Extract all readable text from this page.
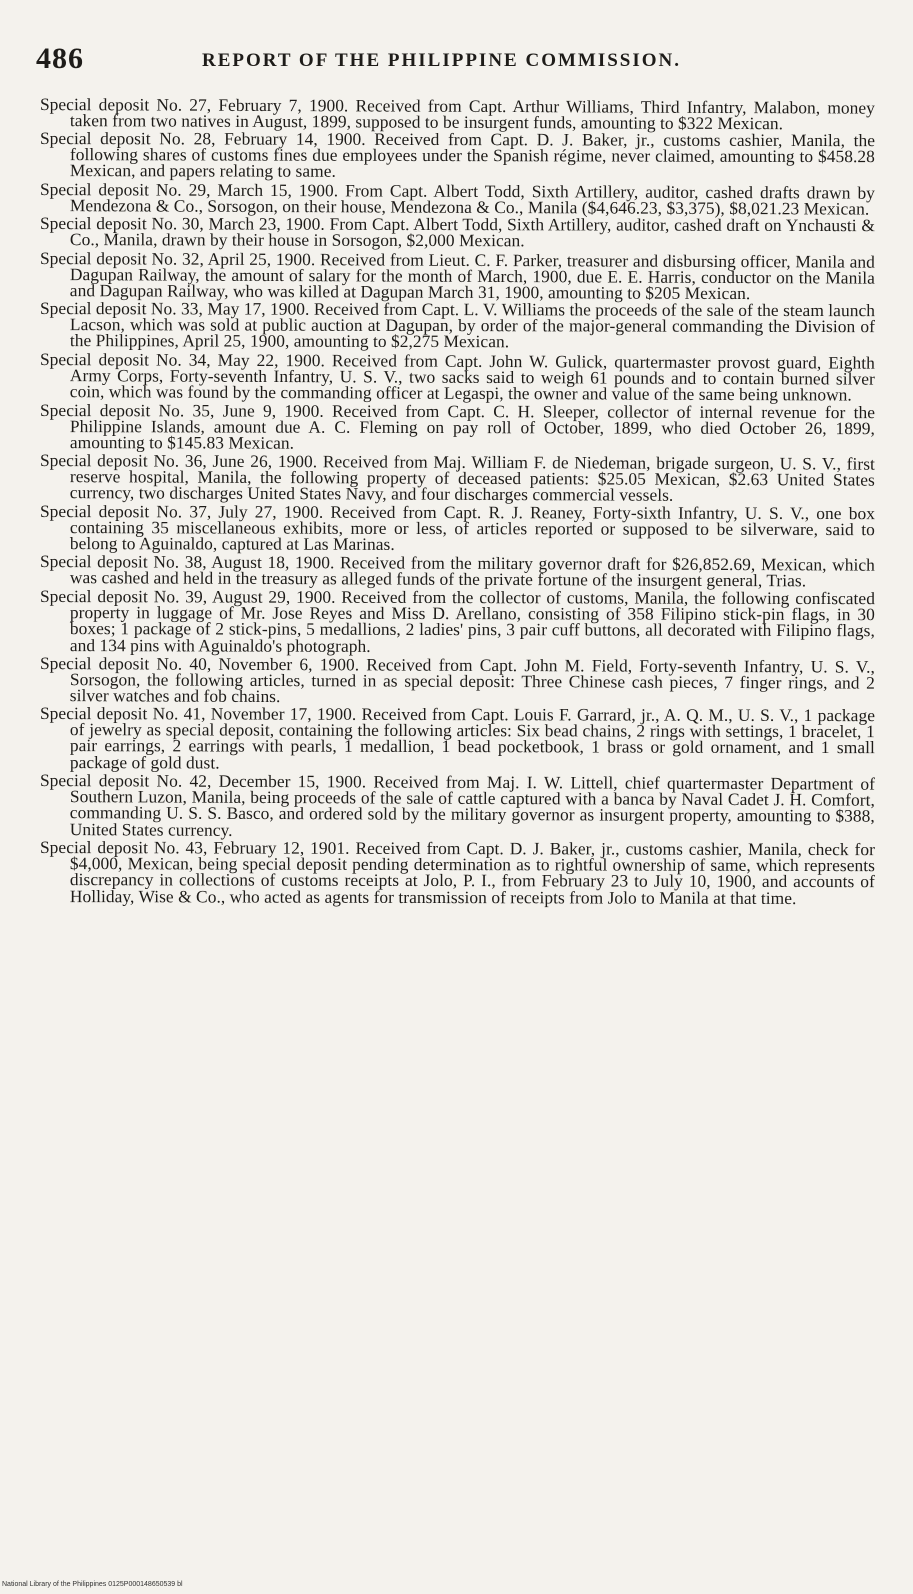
486	REPORT OF THE PHILIPPINE COMMISSION.

Special deposit No. 27, February 7, 1900. Received from Capt. Arthur Williams, Third Infantry, Malabon, money taken from two natives in August, 1899, supposed to be insurgent funds, amounting to $322 Mexican.

Special deposit No. 28, February 14, 1900. Received from Capt. D. J. Baker, jr., customs cashier, Manila, the following shares of customs fines due employees under the Spanish régime, never claimed, amounting to $458.28 Mexican, and papers relating to same.

Special deposit No. 29, March 15, 1900. From Capt. Albert Todd, Sixth Artillery, auditor, cashed drafts drawn by Mendezona & Co., Sorsogon, on their house, Mendezona & Co., Manila ($4,646.23, $3,375), $8,021.23 Mexican.

Special deposit No. 30, March 23, 1900. From Capt. Albert Todd, Sixth Artillery, auditor, cashed draft on Ynchausti & Co., Manila, drawn by their house in Sorsogon, $2,000 Mexican.

Special deposit No. 32, April 25, 1900. Received from Lieut. C. F. Parker, treasurer and disbursing officer, Manila and Dagupan Railway, the amount of salary for the month of March, 1900, due E. E. Harris, conductor on the Manila and Dagupan Railway, who was killed at Dagupan March 31, 1900, amounting to $205 Mexican.

Special deposit No. 33, May 17, 1900. Received from Capt. L. V. Williams the proceeds of the sale of the steam launch Lacson, which was sold at public auction at Dagupan, by order of the major-general commanding the Division of the Philippines, April 25, 1900, amounting to $2,275 Mexican.

Special deposit No. 34, May 22, 1900. Received from Capt. John W. Gulick, quartermaster provost guard, Eighth Army Corps, Forty-seventh Infantry, U. S. V., two sacks said to weigh 61 pounds and to contain burned silver coin, which was found by the commanding officer at Legaspi, the owner and value of the same being unknown.

Special deposit No. 35, June 9, 1900. Received from Capt. C. H. Sleeper, collector of internal revenue for the Philippine Islands, amount due A. C. Fleming on pay roll of October, 1899, who died October 26, 1899, amounting to $145.83 Mexican.

Special deposit No. 36, June 26, 1900. Received from Maj. William F. de Niedeman, brigade surgeon, U. S. V., first reserve hospital, Manila, the following property of deceased patients: $25.05 Mexican, $2.63 United States currency, two discharges United States Navy, and four discharges commercial vessels.

Special deposit No. 37, July 27, 1900. Received from Capt. R. J. Reaney, Forty-sixth Infantry, U. S. V., one box containing 35 miscellaneous exhibits, more or less, of articles reported or supposed to be silverware, said to belong to Aguinaldo, captured at Las Marinas.

Special deposit No. 38, August 18, 1900. Received from the military governor draft for $26,852.69, Mexican, which was cashed and held in the treasury as alleged funds of the private fortune of the insurgent general, Trias.

Special deposit No. 39, August 29, 1900. Received from the collector of customs, Manila, the following confiscated property in luggage of Mr. Jose Reyes and Miss D. Arellano, consisting of 358 Filipino stick-pin flags, in 30 boxes; 1 package of 2 stick-pins, 5 medallions, 2 ladies' pins, 3 pair cuff buttons, all decorated with Filipino flags, and 134 pins with Aguinaldo's photograph.

Special deposit No. 40, November 6, 1900. Received from Capt. John M. Field, Forty-seventh Infantry, U. S. V., Sorsogon, the following articles, turned in as special deposit: Three Chinese cash pieces, 7 finger rings, and 2 silver watches and fob chains.

Special deposit No. 41, November 17, 1900. Received from Capt. Louis F. Garrard, jr., A. Q. M., U. S. V., 1 package of jewelry as special deposit, containing the following articles: Six bead chains, 2 rings with settings, 1 bracelet, 1 pair earrings, 2 earrings with pearls, 1 medallion, 1 bead pocketbook, 1 brass or gold ornament, and 1 small package of gold dust.

Special deposit No. 42, December 15, 1900. Received from Maj. I. W. Littell, chief quartermaster Department of Southern Luzon, Manila, being proceeds of the sale of cattle captured with a banca by Naval Cadet J. H. Comfort, commanding U. S. S. Basco, and ordered sold by the military governor as insurgent property, amounting to $388, United States currency.

Special deposit No. 43, February 12, 1901. Received from Capt. D. J. Baker, jr., customs cashier, Manila, check for $4,000, Mexican, being special deposit pending determination as to rightful ownership of same, which represents discrepancy in collections of customs receipts at Jolo, P. I., from February 23 to July 10, 1900, and accounts of Holliday, Wise & Co., who acted as agents for transmission of receipts from Jolo to Manila at that time.

National Library of the Philippines 0125P000148650539 bl
